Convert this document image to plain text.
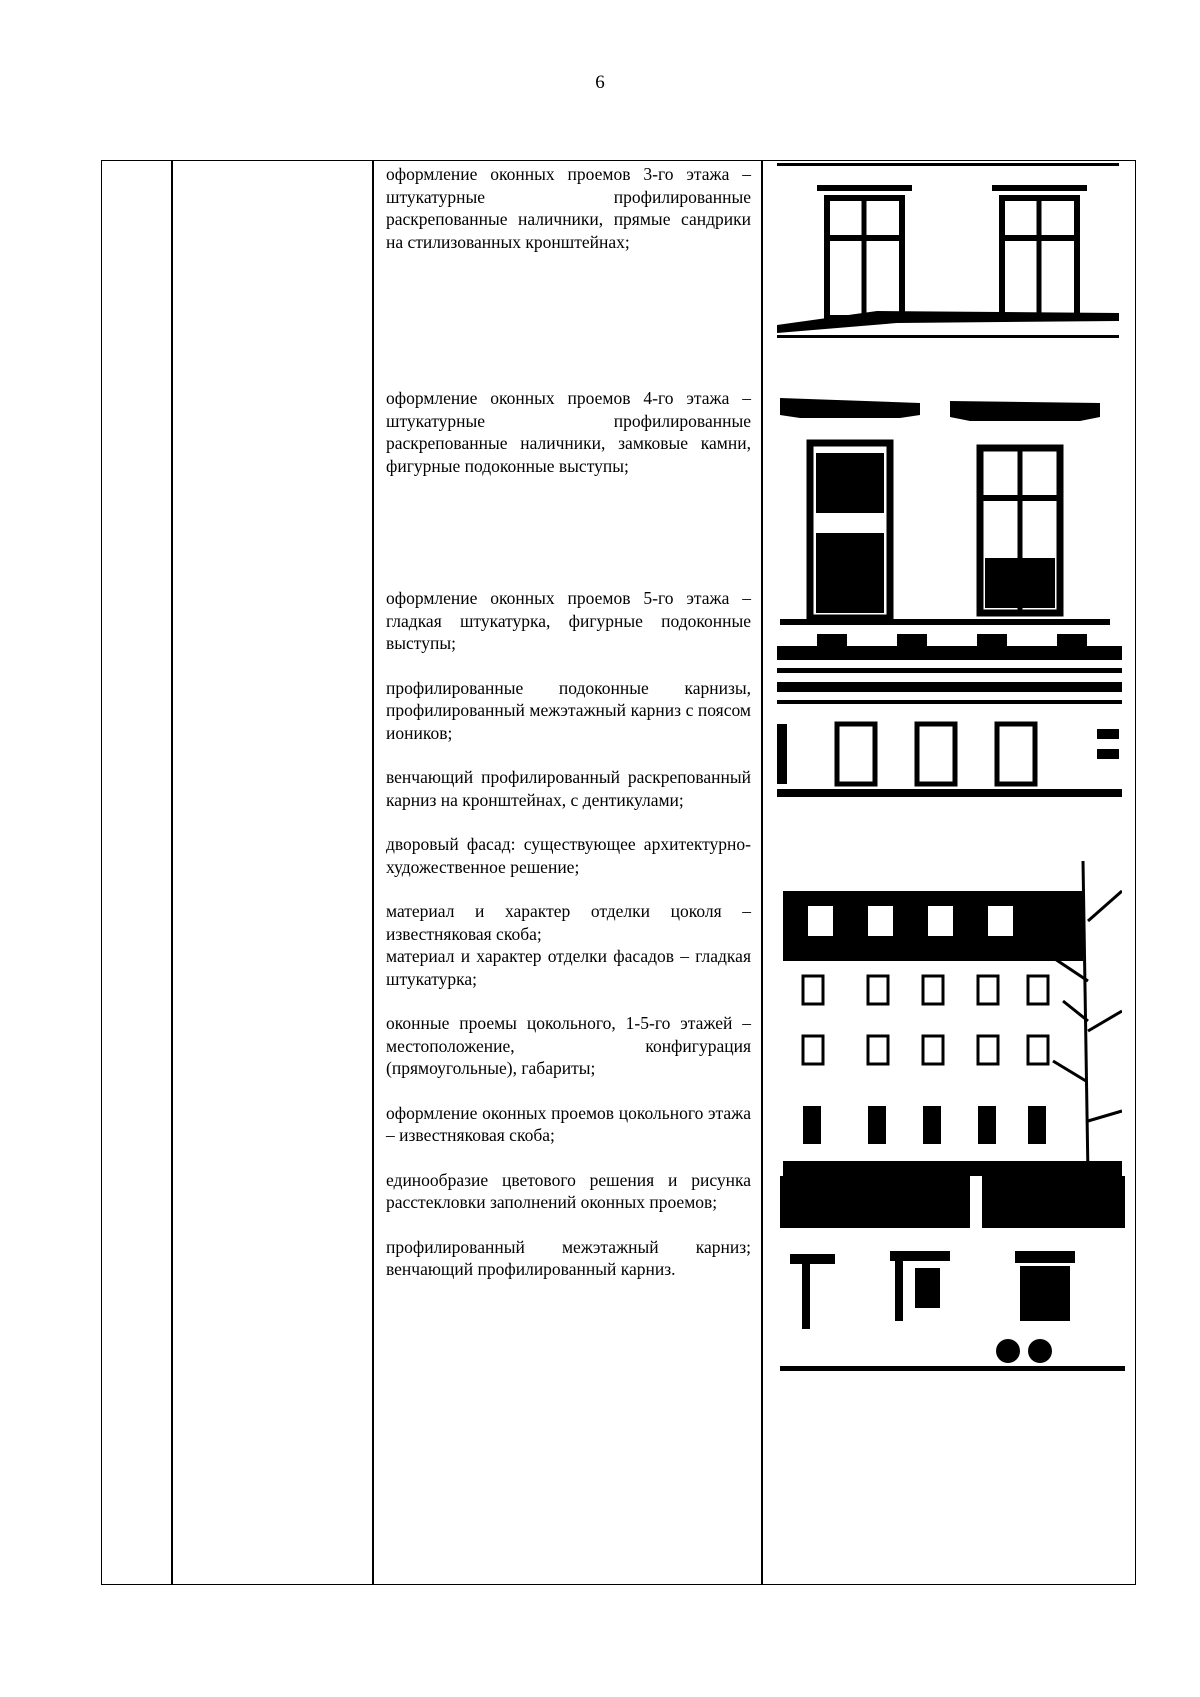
6

оформление оконных проемов 3-го этажа – штукатурные профилированные раскрепованные наличники, прямые сандрики на стилизованных кронштейнах;

оформление оконных проемов 4-го этажа – штукатурные профилированные раскрепованные наличники, замковые камни, фигурные подоконные выступы;

оформление оконных проемов 5-го этажа – гладкая штукатурка, фигурные подоконные выступы;

профилированные подоконные карнизы, профилированный межэтажный карниз с поясом иоников;

венчающий профилированный раскрепованный карниз на кронштейнах, с дентикулами;

дворовый фасад: существующее архитектурно-художественное решение;

материал и характер отделки цоколя – известняковая скоба;

материал и характер отделки фасадов – гладкая штукатурка;

оконные проемы цокольного, 1-5-го этажей – местоположение, конфигурация (прямоугольные), габариты;

оформление оконных проемов цокольного этажа – известняковая скоба;

единообразие цветового решения и рисунка расстекловки заполнений оконных проемов;

профилированный межэтажный карниз; венчающий профилированный карниз.
